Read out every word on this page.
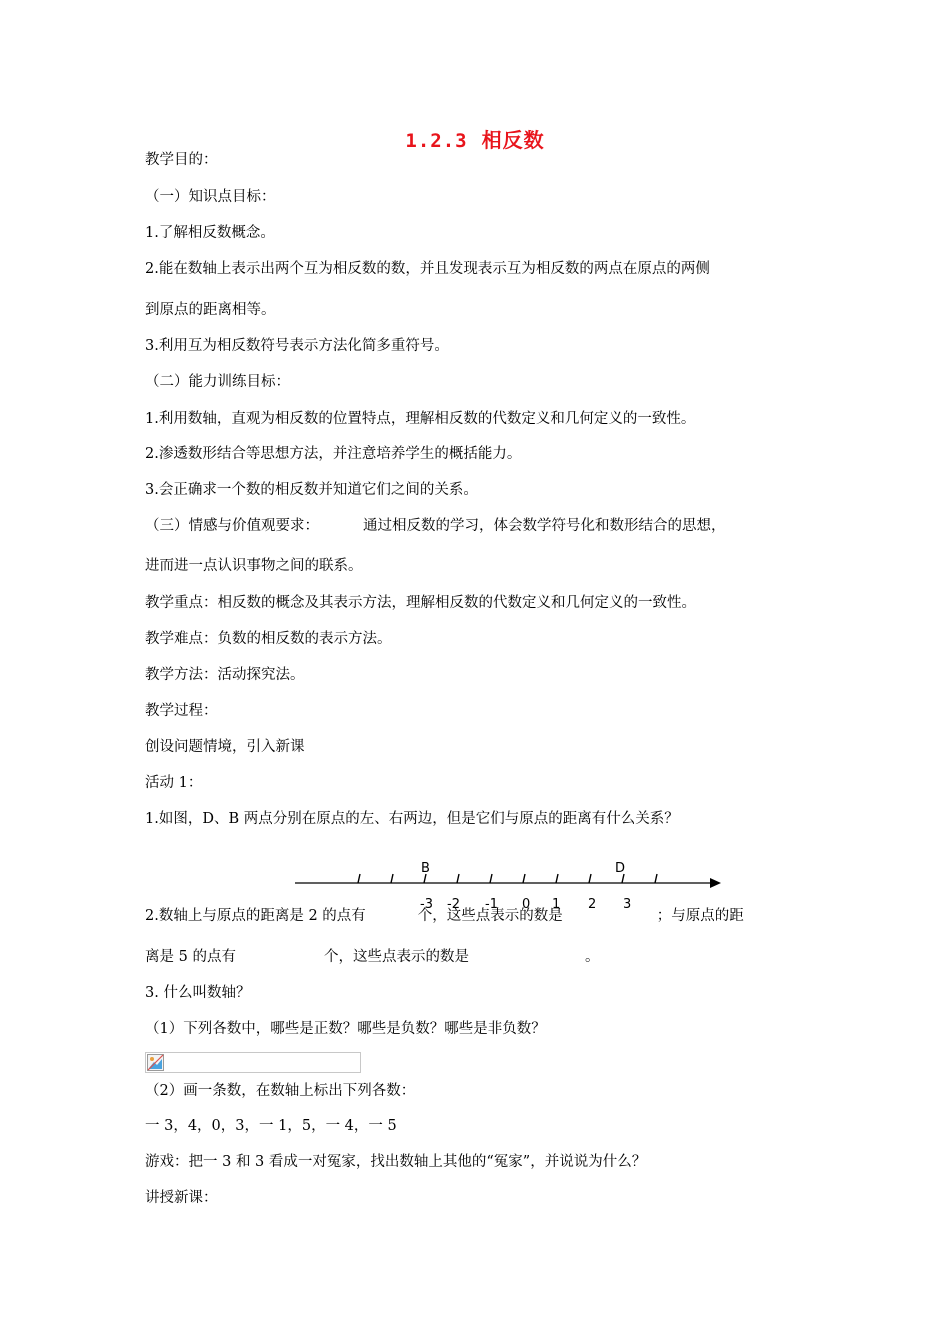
1.2.3 相反数
教学目的：
（一）知识点目标：
1.了解相反数概念。
2.能在数轴上表示出两个互为相反数的数，并且发现表示互为相反数的两点在原点的两侧
到原点的距离相等。
3.利用互为相反数符号表示方法化简多重符号。
（二）能力训练目标：
1.利用数轴，直观为相反数的位置特点，理解相反数的代数定义和几何定义的一致性。
2.渗透数形结合等思想方法，并注意培养学生的概括能力。
3.会正确求一个数的相反数并知道它们之间的关系。
（三）情感与价值观要求：	通过相反数的学习，体会数学符号化和数形结合的思想，
进而进一点认识事物之间的联系。
教学重点：相反数的概念及其表示方法，理解相反数的代数定义和几何定义的一致性。
教学难点：负数的相反数的表示方法。
教学方法：活动探究法。
教学过程：
创设问题情境，引入新课
活动 1：
1.如图，D、B 两点分别在原点的左、右两边，但是它们与原点的距离有什么关系？
B	D
-3 -2 -1 0 1 2 3
2.数轴上与原点的距离是 2 的点有	个，这些点表示的数是	；与原点的距
离是 5 的点有	个，这些点表示的数是	。
3. 什么叫数轴？
（1）下列各数中，哪些是正数？哪些是负数？哪些是非负数？
（2）画一条数，在数轴上标出下列各数：
一 3，4，0，3，一 1，5，一 4，一 5
游戏：把一 3 和 3 看成一对冤家，找出数轴上其他的“冤家”，并说说为什么？
讲授新课：
